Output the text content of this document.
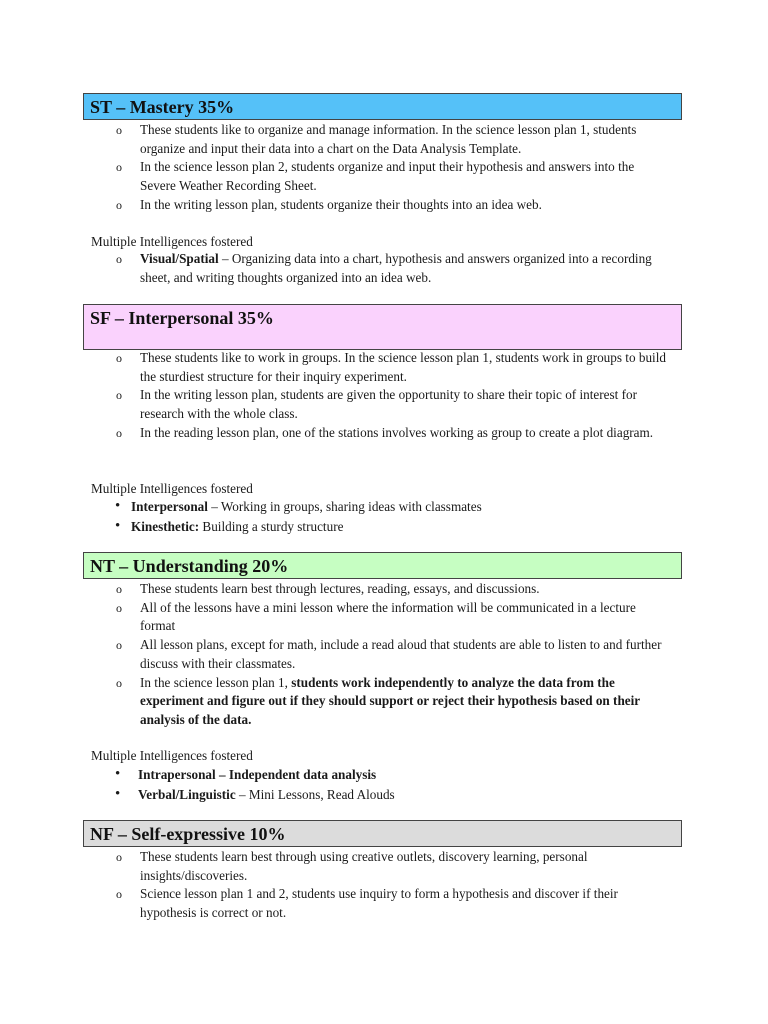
ST – Mastery 35%
o These students like to organize and manage information. In the science lesson plan 1, students organize and input their data into a chart on the Data Analysis Template.
o In the science lesson plan 2, students organize and input their hypothesis and answers into the Severe Weather Recording Sheet.
o In the writing lesson plan, students organize their thoughts into an idea web.
Multiple Intelligences fostered
o Visual/Spatial – Organizing data into a chart, hypothesis and answers organized into a recording sheet, and writing thoughts organized into an idea web.
SF – Interpersonal 35%
o These students like to work in groups. In the science lesson plan 1, students work in groups to build the sturdiest structure for their inquiry experiment.
o In the writing lesson plan, students are given the opportunity to share their topic of interest for research with the whole class.
o In the reading lesson plan, one of the stations involves working as group to create a plot diagram.
Multiple Intelligences fostered
• Interpersonal – Working in groups, sharing ideas with classmates
• Kinesthetic: Building a sturdy structure
NT – Understanding 20%
o These students learn best through lectures, reading, essays, and discussions.
o All of the lessons have a mini lesson where the information will be communicated in a lecture format
o All lesson plans, except for math, include a read aloud that students are able to listen to and further discuss with their classmates.
o In the science lesson plan 1, students work independently to analyze the data from the experiment and figure out if they should support or reject their hypothesis based on their analysis of the data.
Multiple Intelligences fostered
• Intrapersonal – Independent data analysis
• Verbal/Linguistic – Mini Lessons, Read Alouds
NF – Self-expressive 10%
o These students learn best through using creative outlets, discovery learning, personal insights/discoveries.
o Science lesson plan 1 and 2, students use inquiry to form a hypothesis and discover if their hypothesis is correct or not.
